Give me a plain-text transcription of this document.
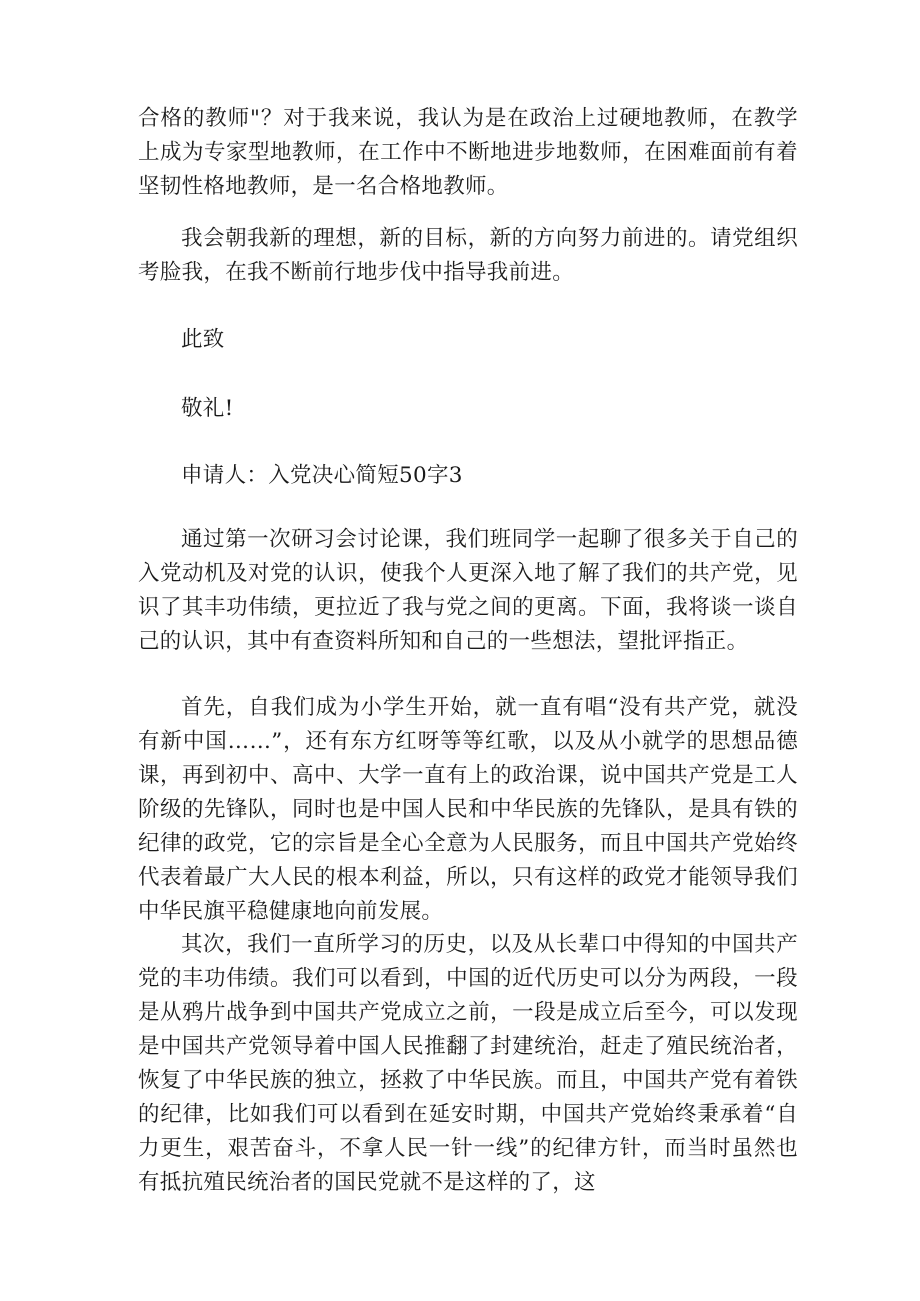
合格的教师"？对于我来说，我认为是在政治上过硬地教师，在教学上成为专家型地教师，在工作中不断地进步地数师，在困难面前有着坚韧性格地教师，是一名合格地教师。

我会朝我新的理想，新的目标，新的方向努力前进的。请党组织考脸我，在我不断前行地步伐中指导我前进。

此致

敬礼!

申请人：入党决心简短50字3

通过第一次研习会讨论课，我们班同学一起聊了很多关于自己的入党动机及对党的认识，使我个人更深入地了解了我们的共产党，见识了其丰功伟绩，更拉近了我与党之间的更离。下面，我将谈一谈自己的认识，其中有查资料所知和自己的一些想法，望批评指正。

首先，自我们成为小学生开始，就一直有唱“没有共产党，就没有新中国……”，还有东方红呀等等红歌，以及从小就学的思想品德课，再到初中、高中、大学一直有上的政治课，说中国共产党是工人阶级的先锋队，同时也是中国人民和中华民族的先锋队，是具有铁的纪律的政党，它的宗旨是全心全意为人民服务，而且中国共产党始终代表着最广大人民的根本利益，所以，只有这样的政党才能领导我们中华民旗平稳健康地向前发展。

其次，我们一直所学习的历史，以及从长辈口中得知的中国共产党的丰功伟绩。我们可以看到，中国的近代历史可以分为两段，一段是从鸦片战争到中国共产党成立之前，一段是成立后至今，可以发现是中国共产党领导着中国人民推翻了封建统治，赶走了殖民统治者，恢复了中华民族的独立，拯救了中华民族。而且，中国共产党有着铁的纪律，比如我们可以看到在延安时期，中国共产党始终秉承着“自力更生，艰苦奋斗，不拿人民一针一线”的纪律方针，而当时虽然也有抵抗殖民统治者的国民党就不是这样的了，这
